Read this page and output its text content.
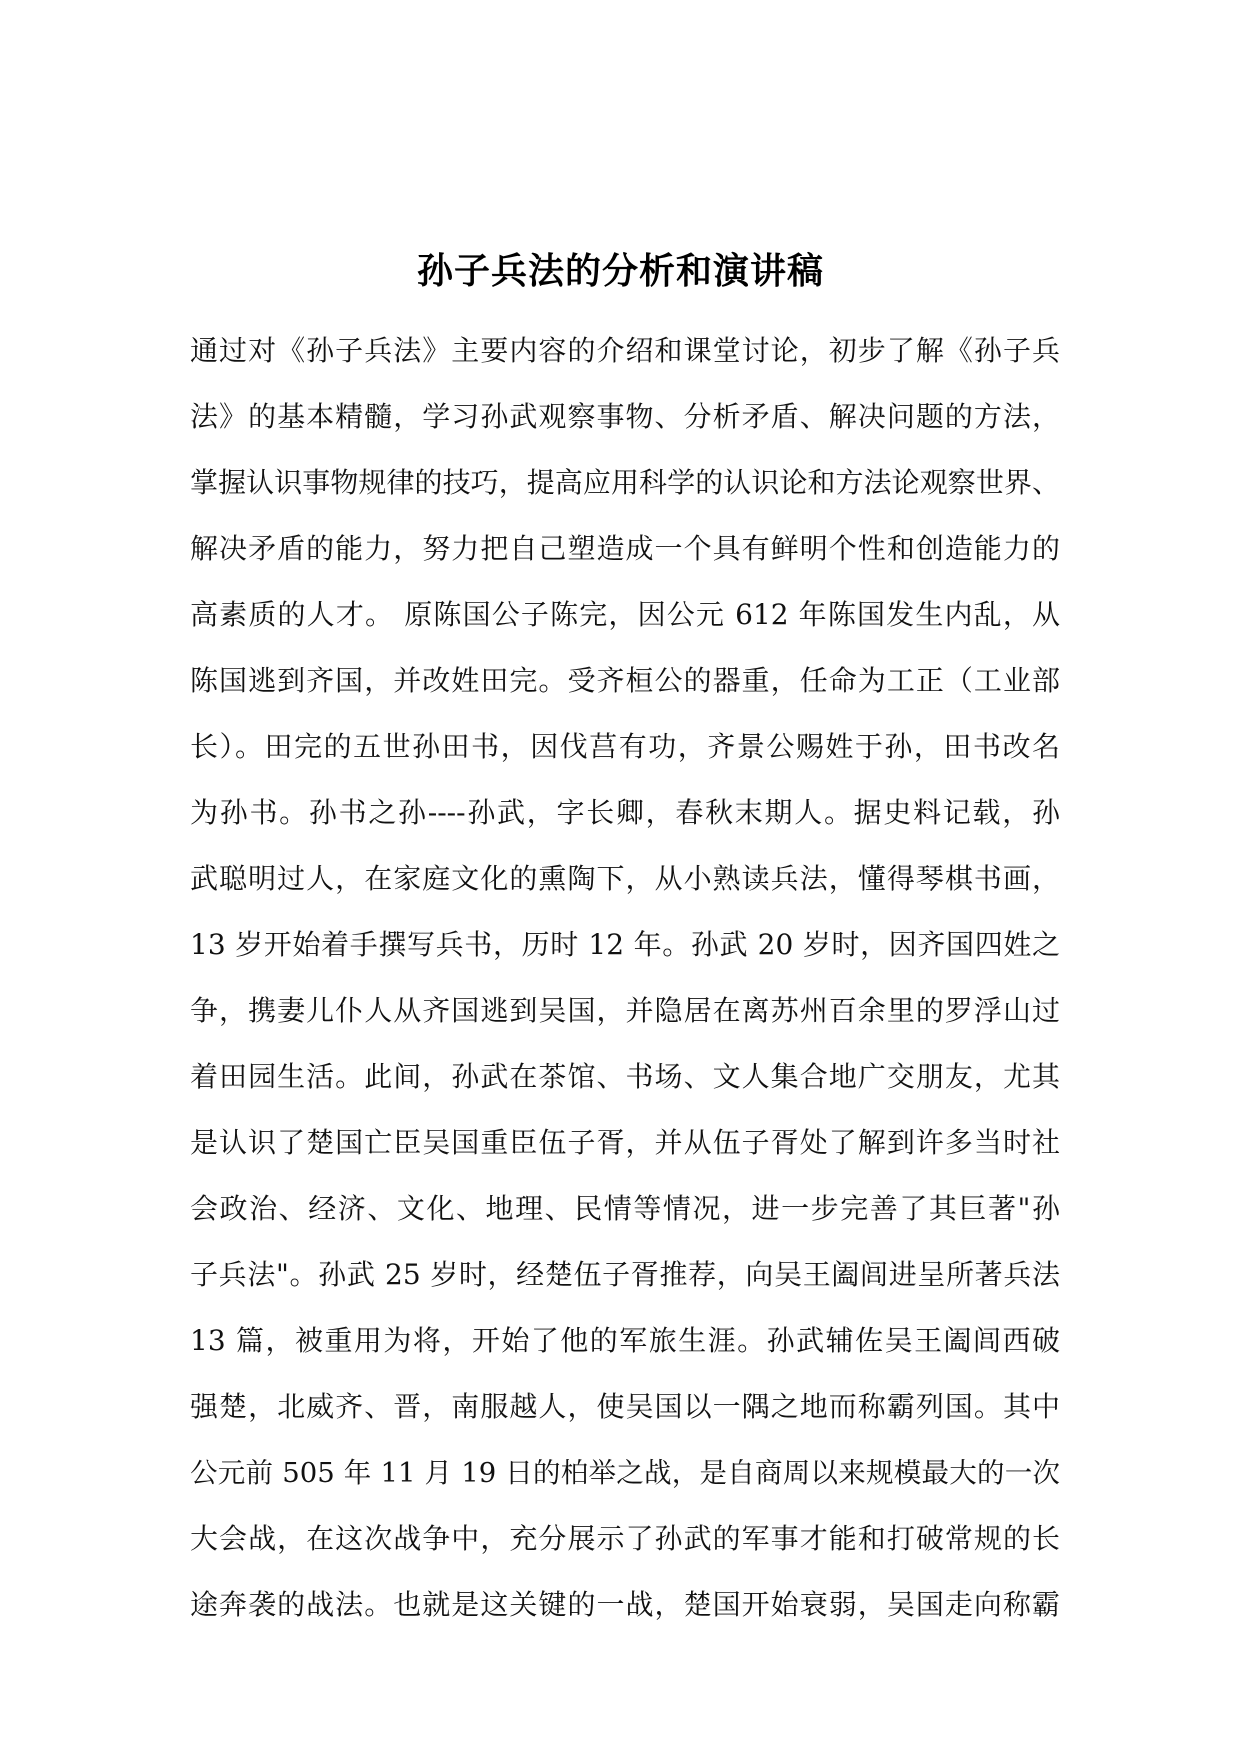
孙子兵法的分析和演讲稿
通过对《孙子兵法》主要内容的介绍和课堂讨论，初步了解《孙子兵
法》的基本精髓，学习孙武观察事物、分析矛盾、解决问题的方法，
掌握认识事物规律的技巧，提高应用科学的认识论和方法论观察世界、
解决矛盾的能力，努力把自己塑造成一个具有鲜明个性和创造能力的
高素质的人才。 原陈国公子陈完，因公元 612 年陈国发生内乱，从
陈国逃到齐国，并改姓田完。受齐桓公的器重，任命为工正（工业部
长）。田完的五世孙田书，因伐莒有功，齐景公赐姓于孙，田书改名
为孙书。孙书之孙----孙武，字长卿，春秋末期人。据史料记载，孙
武聪明过人，在家庭文化的熏陶下，从小熟读兵法，懂得琴棋书画，
13 岁开始着手撰写兵书，历时 12 年。孙武 20 岁时，因齐国四姓之
争，携妻儿仆人从齐国逃到吴国，并隐居在离苏州百余里的罗浮山过
着田园生活。此间，孙武在茶馆、书场、文人集合地广交朋友，尤其
是认识了楚国亡臣吴国重臣伍子胥，并从伍子胥处了解到许多当时社
会政治、经济、文化、地理、民情等情况，进一步完善了其巨著"孙
子兵法"。孙武 25 岁时，经楚伍子胥推荐，向吴王阖闾进呈所著兵法
13 篇，被重用为将，开始了他的军旅生涯。孙武辅佐吴王阖闾西破
强楚，北威齐、晋，南服越人，使吴国以一隅之地而称霸列国。其中
公元前 505 年 11 月 19 日的柏举之战，是自商周以来规模最大的一次
大会战，在这次战争中，充分展示了孙武的军事才能和打破常规的长
途奔袭的战法。也就是这关键的一战，楚国开始衰弱，吴国走向称霸
